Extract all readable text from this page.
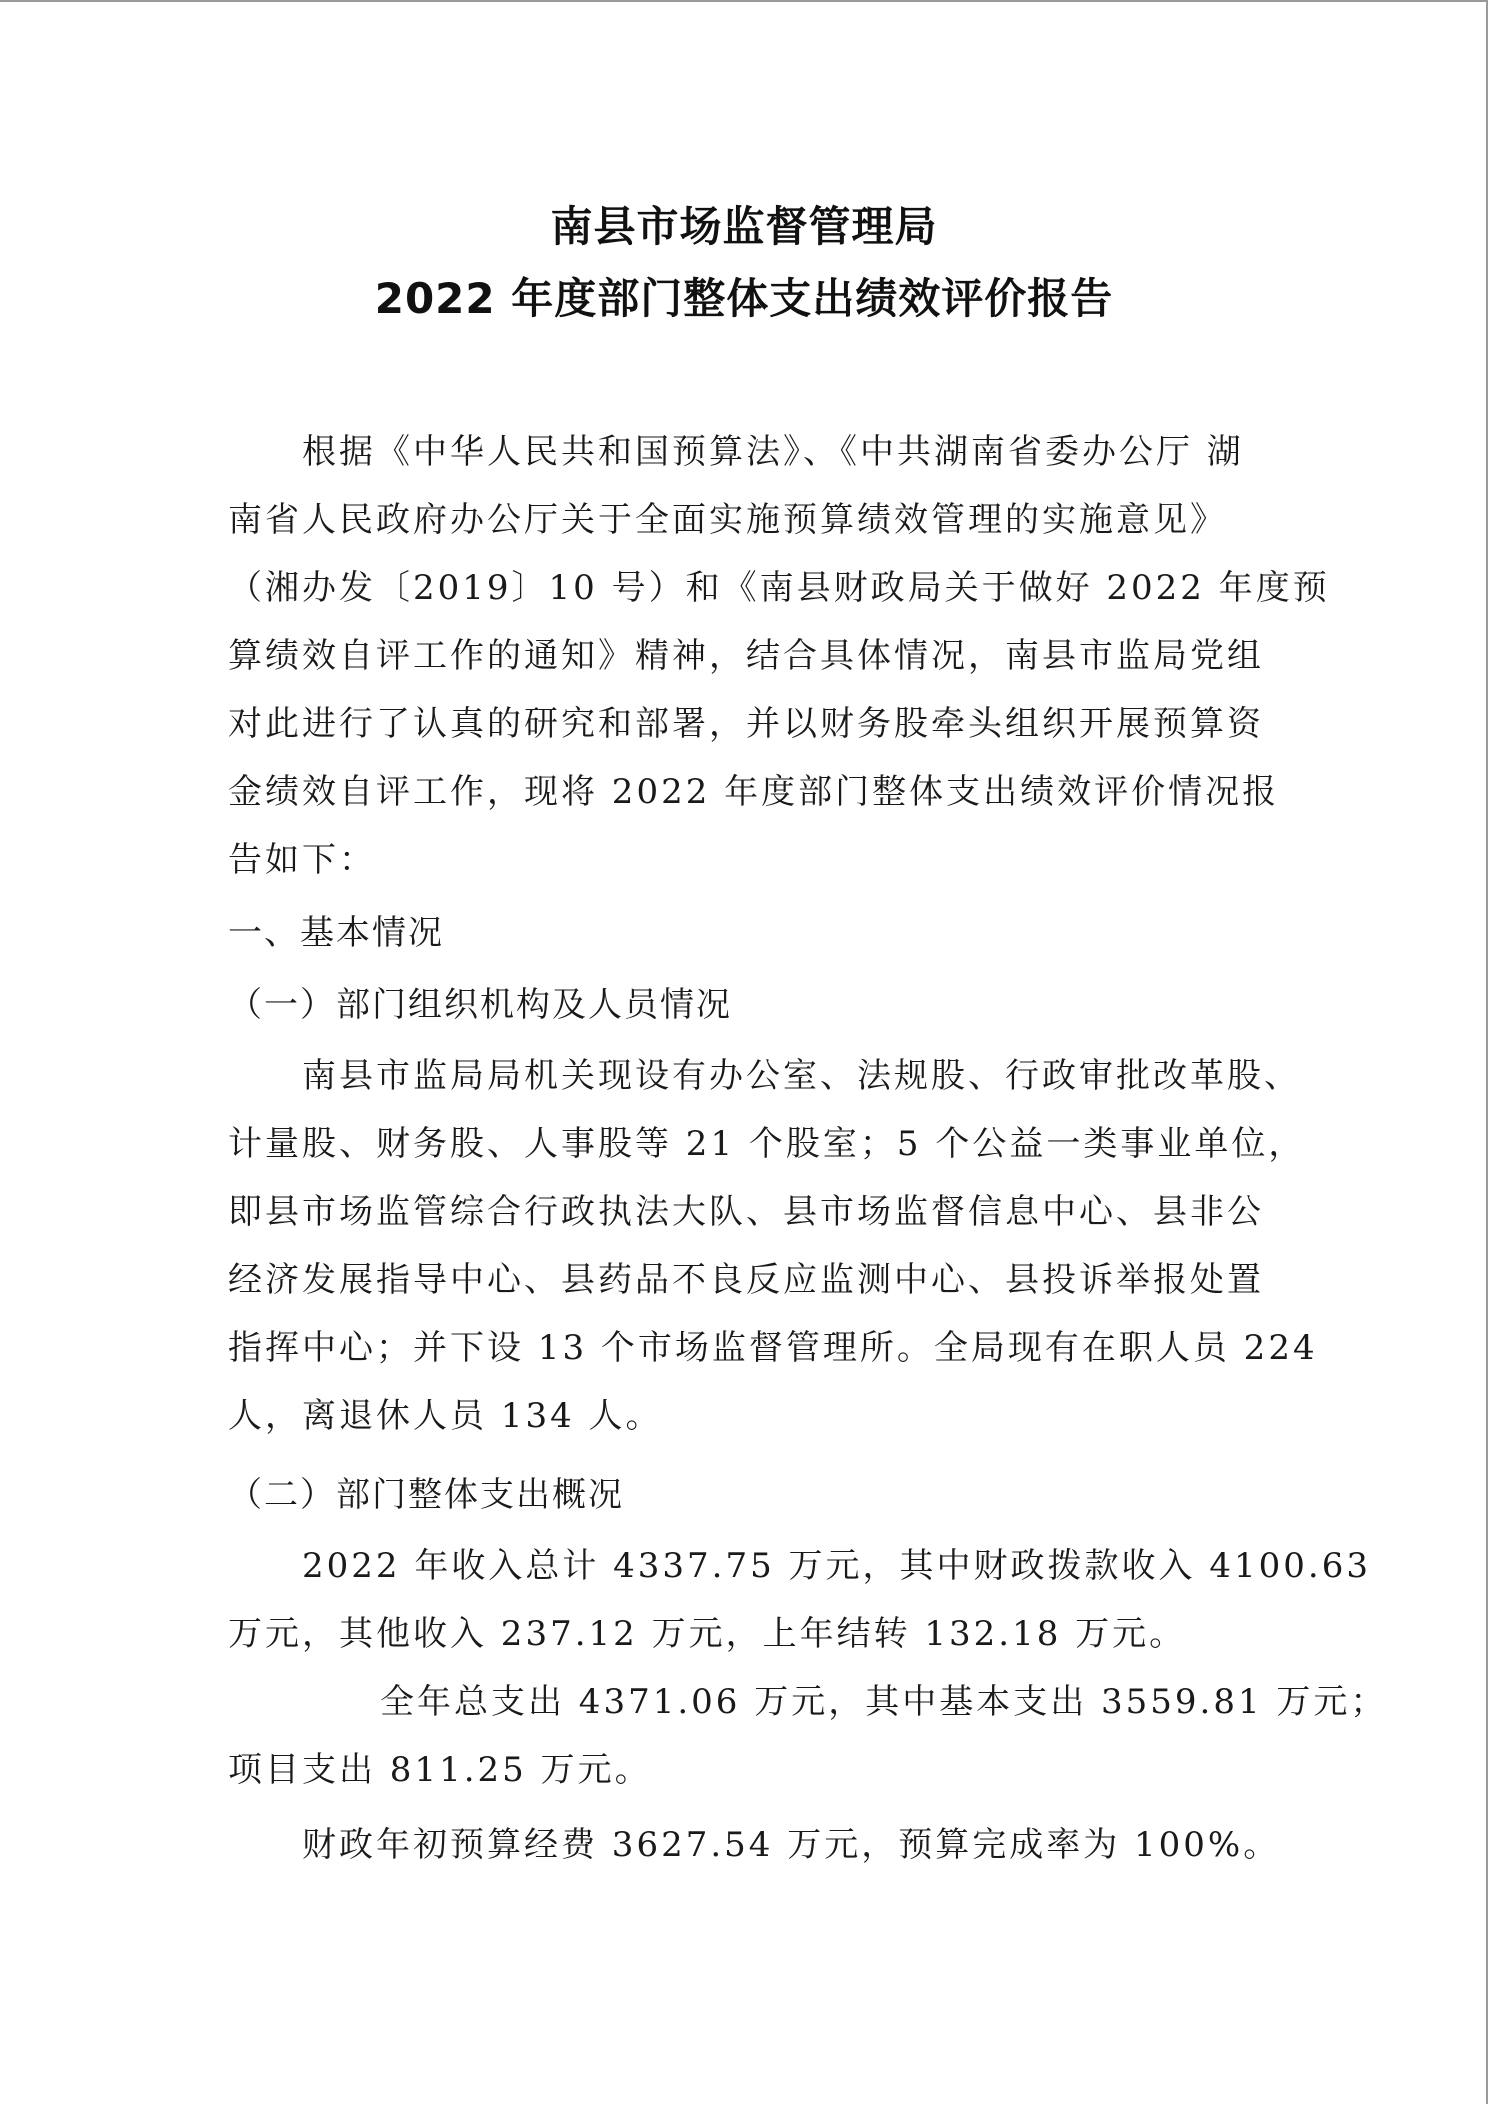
南县市场监督管理局
2022 年度部门整体支出绩效评价报告
根据《中华人民共和国预算法》、《中共湖南省委办公厅 湖
南省人民政府办公厅关于全面实施预算绩效管理的实施意见》
（湘办发〔2019〕10 号）和《南县财政局关于做好 2022 年度预
算绩效自评工作的通知》精神，结合具体情况，南县市监局党组
对此进行了认真的研究和部署，并以财务股牵头组织开展预算资
金绩效自评工作，现将 2022 年度部门整体支出绩效评价情况报
告如下：
一、基本情况
（一）部门组织机构及人员情况
南县市监局局机关现设有办公室、法规股、行政审批改革股、
计量股、财务股、人事股等 21 个股室；5 个公益一类事业单位，
即县市场监管综合行政执法大队、县市场监督信息中心、县非公
经济发展指导中心、县药品不良反应监测中心、县投诉举报处置
指挥中心；并下设 13 个市场监督管理所。全局现有在职人员 224
人，离退休人员 134 人。
（二）部门整体支出概况
2022 年收入总计 4337.75 万元，其中财政拨款收入 4100.63
万元，其他收入 237.12 万元，上年结转 132.18 万元。
全年总支出 4371.06 万元，其中基本支出 3559.81 万元；
项目支出 811.25 万元。
财政年初预算经费 3627.54 万元，预算完成率为 100%。
